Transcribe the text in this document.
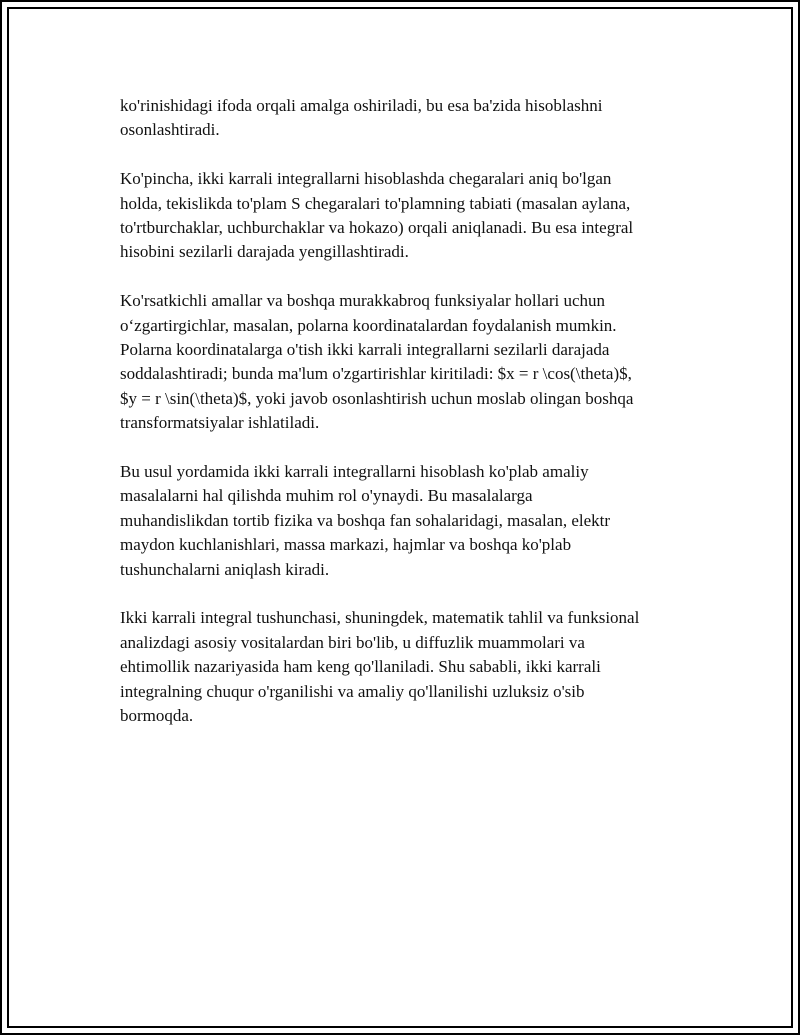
ko'rinishidagi ifoda orqali amalga oshiriladi, bu esa ba'zida hisoblashni
osonlashtiradi.

Ko'pincha, ikki karrali integrallarni hisoblashda chegaralari aniq bo'lgan
holda, tekislikda to'plam S chegaralari to'plamning tabiati (masalan aylana,
to'rtburchaklar, uchburchaklar va hokazo) orqali aniqlanadi. Bu esa integral
hisobini sezilarli darajada yengillashtiradi.

Ko'rsatkichli amallar va boshqa murakkabroq funksiyalar hollari uchun
o‘zgartirgichlar, masalan, polarna koordinatalardan foydalanish mumkin.
Polarna koordinatalarga o'tish ikki karrali integrallarni sezilarli darajada
soddalashtiradi; bunda ma'lum o'zgartirishlar kiritiladi: $x = r \cos(\theta)$,
$y = r \sin(\theta)$, yoki javob osonlashtirish uchun moslab olingan boshqa
transformatsiyalar ishlatiladi.

Bu usul yordamida ikki karrali integrallarni hisoblash ko'plab amaliy
masalalarni hal qilishda muhim rol o'ynaydi. Bu masalalarga
muhandislikdan tortib fizika va boshqa fan sohalaridagi, masalan, elektr
maydon kuchlanishlari, massa markazi, hajmlar va boshqa ko'plab
tushunchalarni aniqlash kiradi.

Ikki karrali integral tushunchasi, shuningdek, matematik tahlil va funksional
analizdagi asosiy vositalardan biri bo'lib, u diffuzlik muammolari va
ehtimollik nazariyasida ham keng qo'llaniladi. Shu sababli, ikki karrali
integralning chuqur o'rganilishi va amaliy qo'llanilishi uzluksiz o'sib
bormoqda.
